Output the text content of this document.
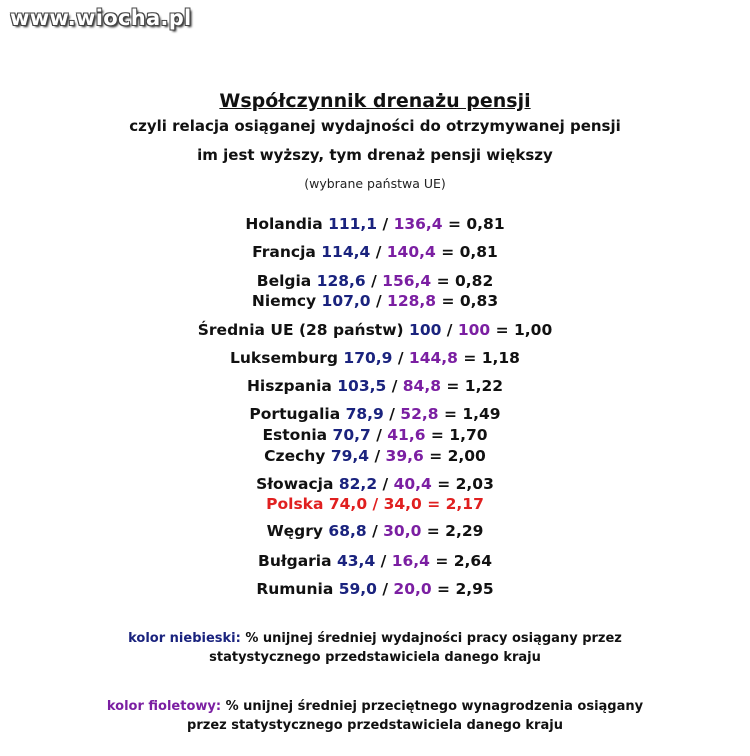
www.wiocha.pl
Współczynnik drenażu pensji
czyli relacja osiąganej wydajności do otrzymywanej pensji
im jest wyższy, tym drenaż pensji większy
(wybrane państwa UE)
Holandia 111,1 / 136,4 = 0,81
Francja 114,4 / 140,4 = 0,81
Belgia 128,6 / 156,4 = 0,82
Niemcy 107,0 / 128,8 = 0,83
Średnia UE (28 państw) 100 / 100 = 1,00
Luksemburg 170,9 / 144,8 = 1,18
Hiszpania 103,5 / 84,8 = 1,22
Portugalia 78,9 / 52,8 = 1,49
Estonia 70,7 / 41,6 = 1,70
Czechy 79,4 / 39,6 = 2,00
Słowacja 82,2 / 40,4 = 2,03
Polska 74,0 / 34,0 = 2,17
Węgry 68,8 / 30,0 = 2,29
Bułgaria 43,4 / 16,4 = 2,64
Rumunia 59,0 / 20,0 = 2,95
kolor niebieski: % unijnej średniej wydajności pracy osiągany przez
statystycznego przedstawiciela danego kraju
kolor fioletowy: % unijnej średniej przeciętnego wynagrodzenia osiągany
przez statystycznego przedstawiciela danego kraju
